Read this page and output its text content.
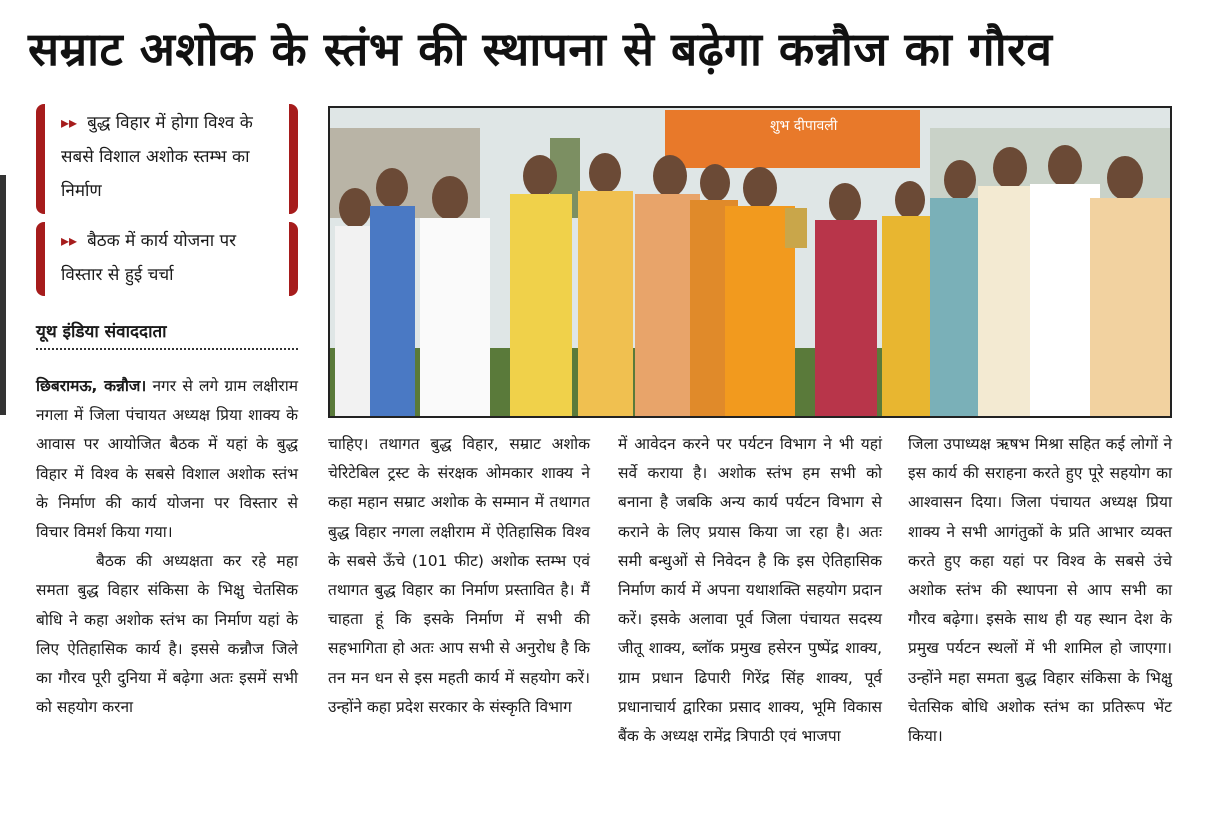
सम्राट अशोक के स्तंभ की स्थापना से बढ़ेगा कन्नौज का गौरव
▸▸ बुद्ध विहार में होगा विश्व के सबसे विशाल अशोक स्तम्भ का निर्माण
▸▸ बैठक में कार्य योजना पर विस्तार से हुई चर्चा
यूथ इंडिया संवाददाता
शुभ दीपावली

छिबरामऊ, कन्नौज। नगर से लगे ग्राम लक्षीराम नगला में जिला पंचायत अध्यक्ष प्रिया शाक्य के आवास पर आयोजित बैठक में यहां के बुद्ध विहार में विश्व के सबसे विशाल अशोक स्तंभ के निर्माण की कार्य योजना पर विस्तार से विचार विमर्श किया गया।

बैठक की अध्यक्षता कर रहे महा समता बुद्ध विहार संकिसा के भिक्षु चेतसिक बोधि ने कहा अशोक स्तंभ का निर्माण यहां के लिए ऐतिहासिक कार्य है। इससे कन्नौज जिले का गौरव पूरी दुनिया में बढ़ेगा अतः इसमें सभी को सहयोग करना

चाहिए। तथागत बुद्ध विहार, सम्राट अशोक चेरिटेबिल ट्रस्ट के संरक्षक ओमकार शाक्य ने कहा महान सम्राट अशोक के सम्मान में तथागत बुद्ध विहार नगला लक्षीराम में ऐतिहासिक विश्व के सबसे ऊँचे (101 फीट) अशोक स्तम्भ एवं तथागत बुद्ध विहार का निर्माण प्रस्तावित है। मैं चाहता हूं कि इसके निर्माण में सभी की सहभागिता हो अतः आप सभी से अनुरोध है कि तन मन धन से इस महती कार्य में सहयोग करें। उन्होंने कहा प्रदेश सरकार के संस्कृति विभाग
में आवेदन करने पर पर्यटन विभाग ने भी यहां सर्वे कराया है। अशोक स्तंभ हम सभी को बनाना है जबकि अन्य कार्य पर्यटन विभाग से कराने के लिए प्रयास किया जा रहा है। अतः समी बन्धुओं से निवेदन है कि इस ऐतिहासिक निर्माण कार्य में अपना यथाशक्ति सहयोग प्रदान करें। इसके अलावा पूर्व जिला पंचायत सदस्य जीतू शाक्य, ब्लॉक प्रमुख हसेरन पुष्पेंद्र शाक्य, ग्राम प्रधान ढिपारी गिरेंद्र सिंह शाक्य, पूर्व प्रधानाचार्य द्वारिका प्रसाद शाक्य, भूमि विकास बैंक के अध्यक्ष रामेंद्र त्रिपाठी एवं भाजपा
जिला उपाध्यक्ष ऋषभ मिश्रा सहित कई लोगों ने इस कार्य की सराहना करते हुए पूरे सहयोग का आश्वासन दिया। जिला पंचायत अध्यक्ष प्रिया शाक्य ने सभी आगंतुकों के प्रति आभार व्यक्त करते हुए कहा यहां पर विश्व के सबसे उंचे अशोक स्तंभ की स्थापना से आप सभी का गौरव बढ़ेगा। इसके साथ ही यह स्थान देश के प्रमुख पर्यटन स्थलों में भी शामिल हो जाएगा। उन्होंने महा समता बुद्ध विहार संकिसा के भिक्षु चेतसिक बोधि अशोक स्तंभ का प्रतिरूप भेंट किया।
